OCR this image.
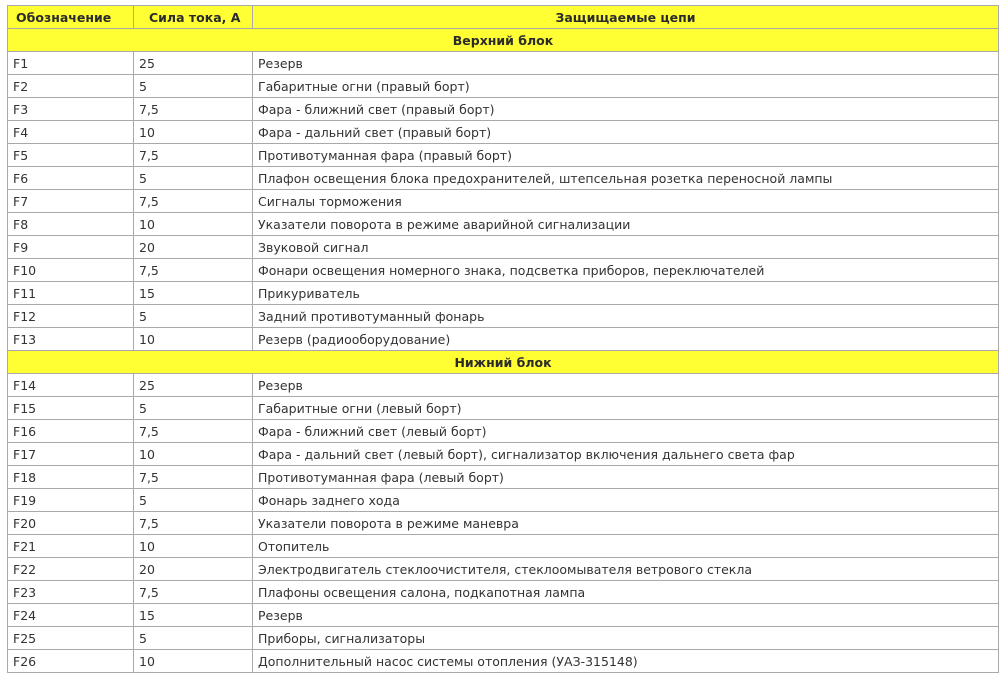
Обозначение	Сила тока, А	Защищаемые цепи
Верхний блок		
F1	25	Резерв
F2	5	Габаритные огни (правый борт)
F3	7,5	Фара - ближний свет (правый борт)
F4	10	Фара - дальний свет (правый борт)
F5	7,5	Противотуманная фара (правый борт)
F6	5	Плафон освещения блока предохранителей, штепсельная розетка переносной лампы
F7	7,5	Сигналы торможения
F8	10	Указатели поворота в режиме аварийной сигнализации
F9	20	Звуковой сигнал
F10	7,5	Фонари освещения номерного знака, подсветка приборов, переключателей
F11	15	Прикуриватель
F12	5	Задний противотуманный фонарь
F13	10	Резерв (радиооборудование)
Нижний блок		
F14	25	Резерв
F15	5	Габаритные огни (левый борт)
F16	7,5	Фара - ближний свет (левый борт)
F17	10	Фара - дальний свет (левый борт), сигнализатор включения дальнего света фар
F18	7,5	Противотуманная фара (левый борт)
F19	5	Фонарь заднего хода
F20	7,5	Указатели поворота в режиме маневра
F21	10	Отопитель
F22	20	Электродвигатель стеклоочистителя, стеклоомывателя ветрового стекла
F23	7,5	Плафоны освещения салона, подкапотная лампа
F24	15	Резерв
F25	5	Приборы, сигнализаторы
F26	10	Дополнительный насос системы отопления (УАЗ-315148)
